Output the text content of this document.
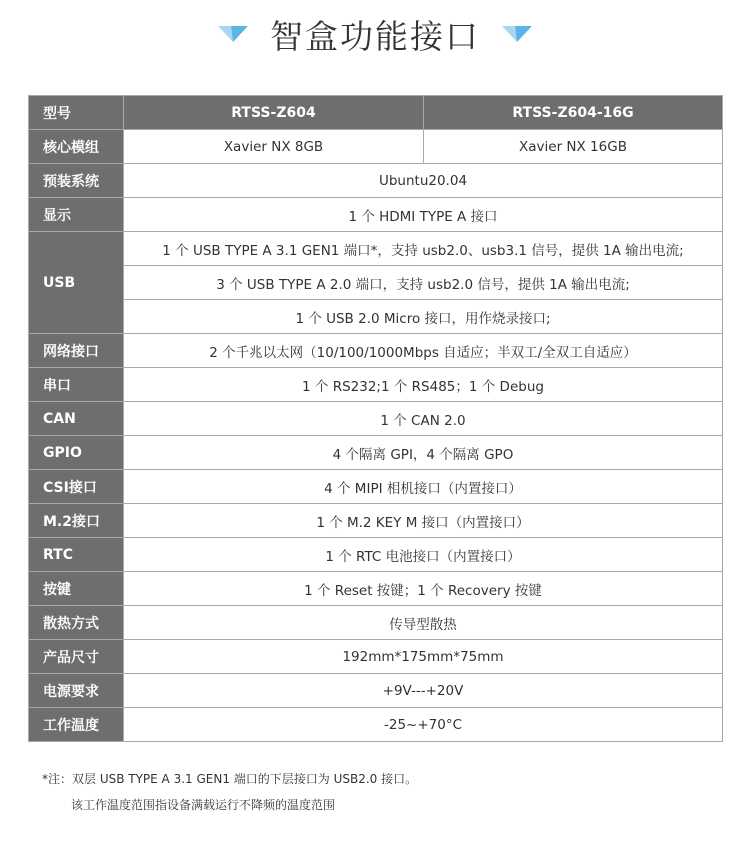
智盒功能接口
型号	RTSS-Z604	RTSS-Z604-16G
核心模组	Xavier NX 8GB	Xavier NX 16GB
预装系统	Ubuntu20.04	
显示	1 个 HDMI TYPE A 接口	
USB	1 个 USB TYPE A 3.1 GEN1 端口*，支持 usb2.0、usb3.1 信号，提供 1A 输出电流;	
	3 个 USB TYPE A 2.0 端口，支持 usb2.0 信号，提供 1A 输出电流;	
	1 个 USB 2.0 Micro 接口，用作烧录接口;	
网络接口	2 个千兆以太网（10/100/1000Mbps 自适应；半双工/全双工自适应）	
串口	1 个 RS232;1 个 RS485；1 个 Debug	
CAN	1 个 CAN 2.0	
GPIO	4 个隔离 GPI，4 个隔离 GPO	
CSI接口	4 个 MIPI 相机接口（内置接口）	
M.2接口	1 个 M.2 KEY M 接口（内置接口）	
RTC	1 个 RTC 电池接口（内置接口）	
按键	1 个 Reset 按键；1 个 Recovery 按键	
散热方式	传导型散热	
产品尺寸	192mm*175mm*75mm	
电源要求	+9V---+20V	
工作温度	-25~+70°C	
*注：双层 USB TYPE A 3.1 GEN1 端口的下层接口为 USB2.0 接口。
该工作温度范围指设备满载运行不降频的温度范围
